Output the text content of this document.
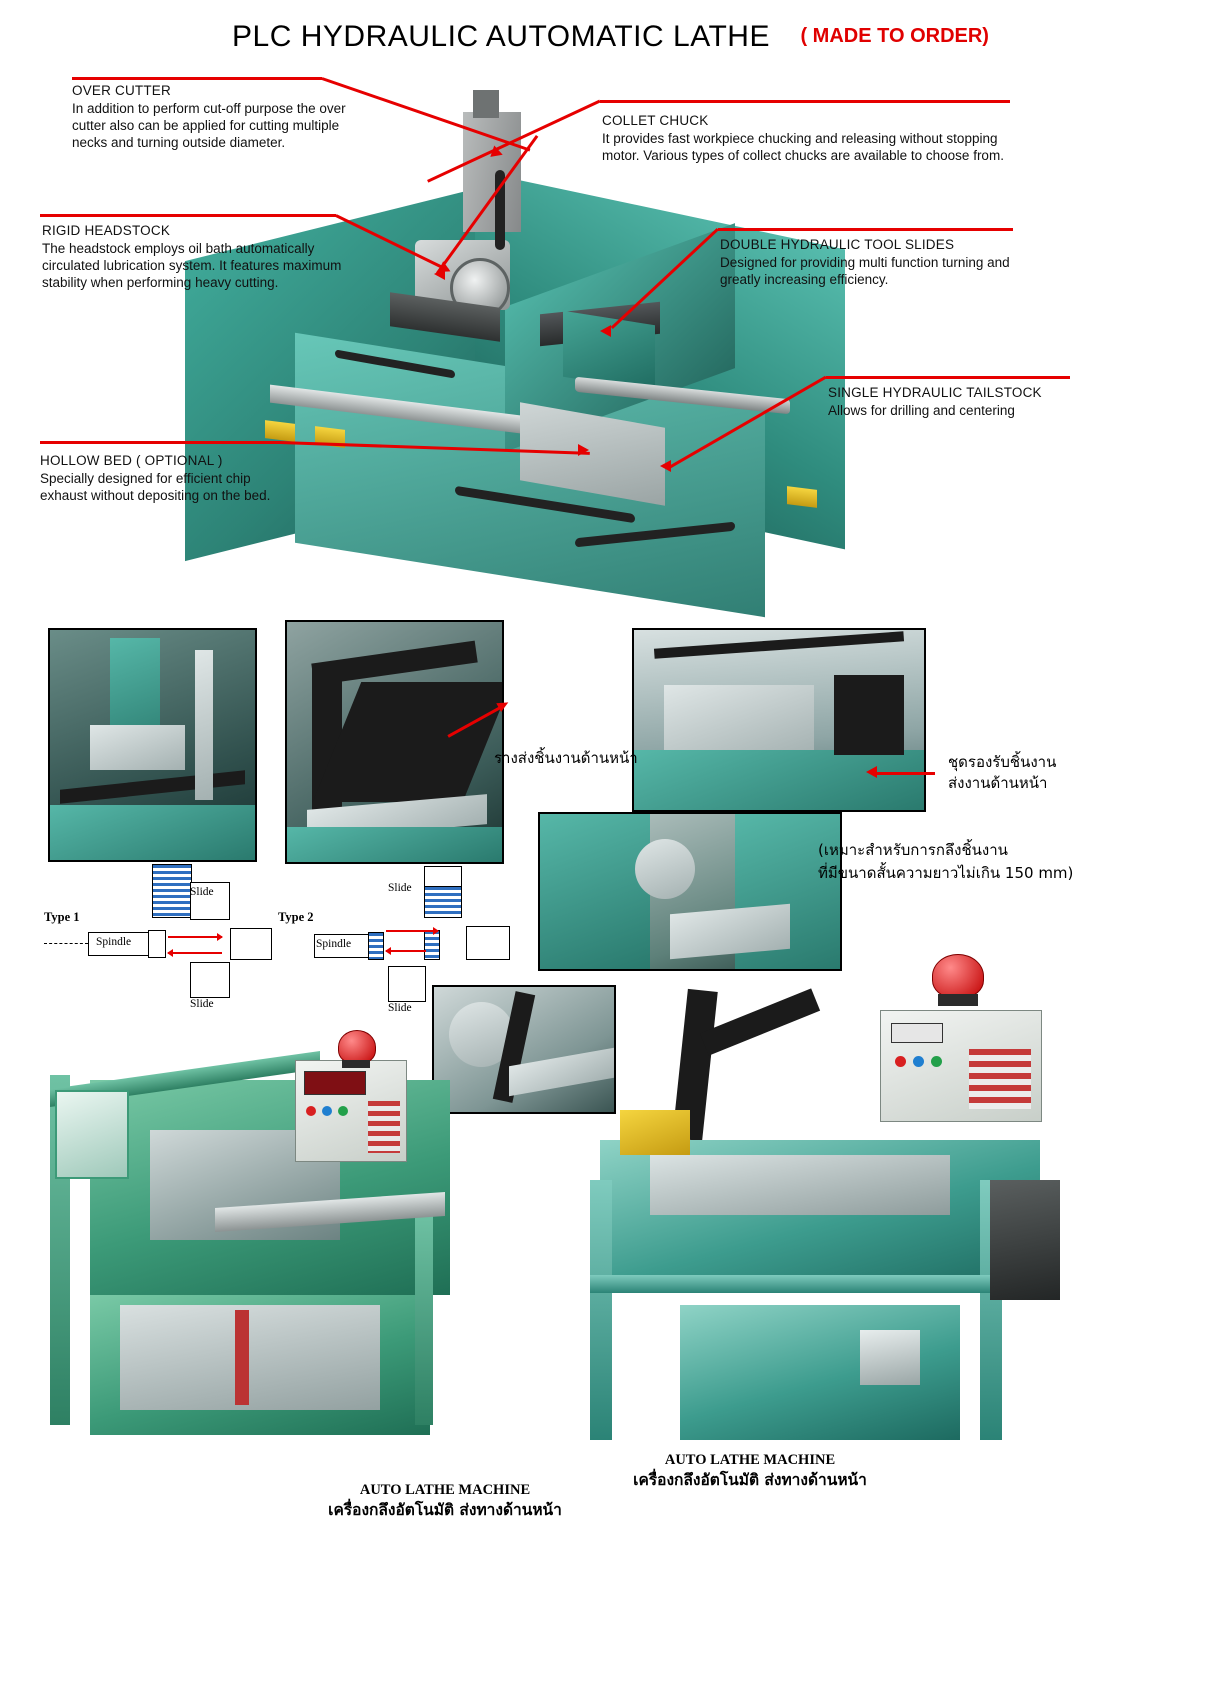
PLC HYDRAULIC AUTOMATIC LATHE ( MADE TO ORDER)
OVER CUTTER
In addition to perform cut-off purpose the over cutter also can be applied for cutting multiple necks and turning outside diameter.
COLLET CHUCK
It provides fast workpiece chucking and releasing without stopping motor. Various types of collect chucks are available to choose from.
RIGID HEADSTOCK
The headstock employs oil bath automatically circulated lubrication system. It features maximum stability when performing heavy cutting.
DOUBLE HYDRAULIC TOOL SLIDES
Designed for providing multi function turning and greatly increasing efficiency.
SINGLE HYDRAULIC TAILSTOCK
Allows for drilling and centering
HOLLOW BED ( OPTIONAL )
Specially designed for efficient chip exhaust without depositing on the bed.
รางส่งชิ้นงานด้านหน้า	ชุดรองรับชิ้นงาน
ส่งงานด้านหน้า
(เหมาะสำหรับการกลึงชิ้นงาน
ที่มีขนาดสั้นความยาวไม่เกิน 150 mm)
Type 1
Slide
Spindle
Slide
Type 2
Slide
Spindle
Slide
AUTO LATHE MACHINE
เครื่องกลึงอัตโนมัติ ส่งทางด้านหน้า
AUTO LATHE MACHINE
เครื่องกลึงอัตโนมัติ ส่งทางด้านหน้า
